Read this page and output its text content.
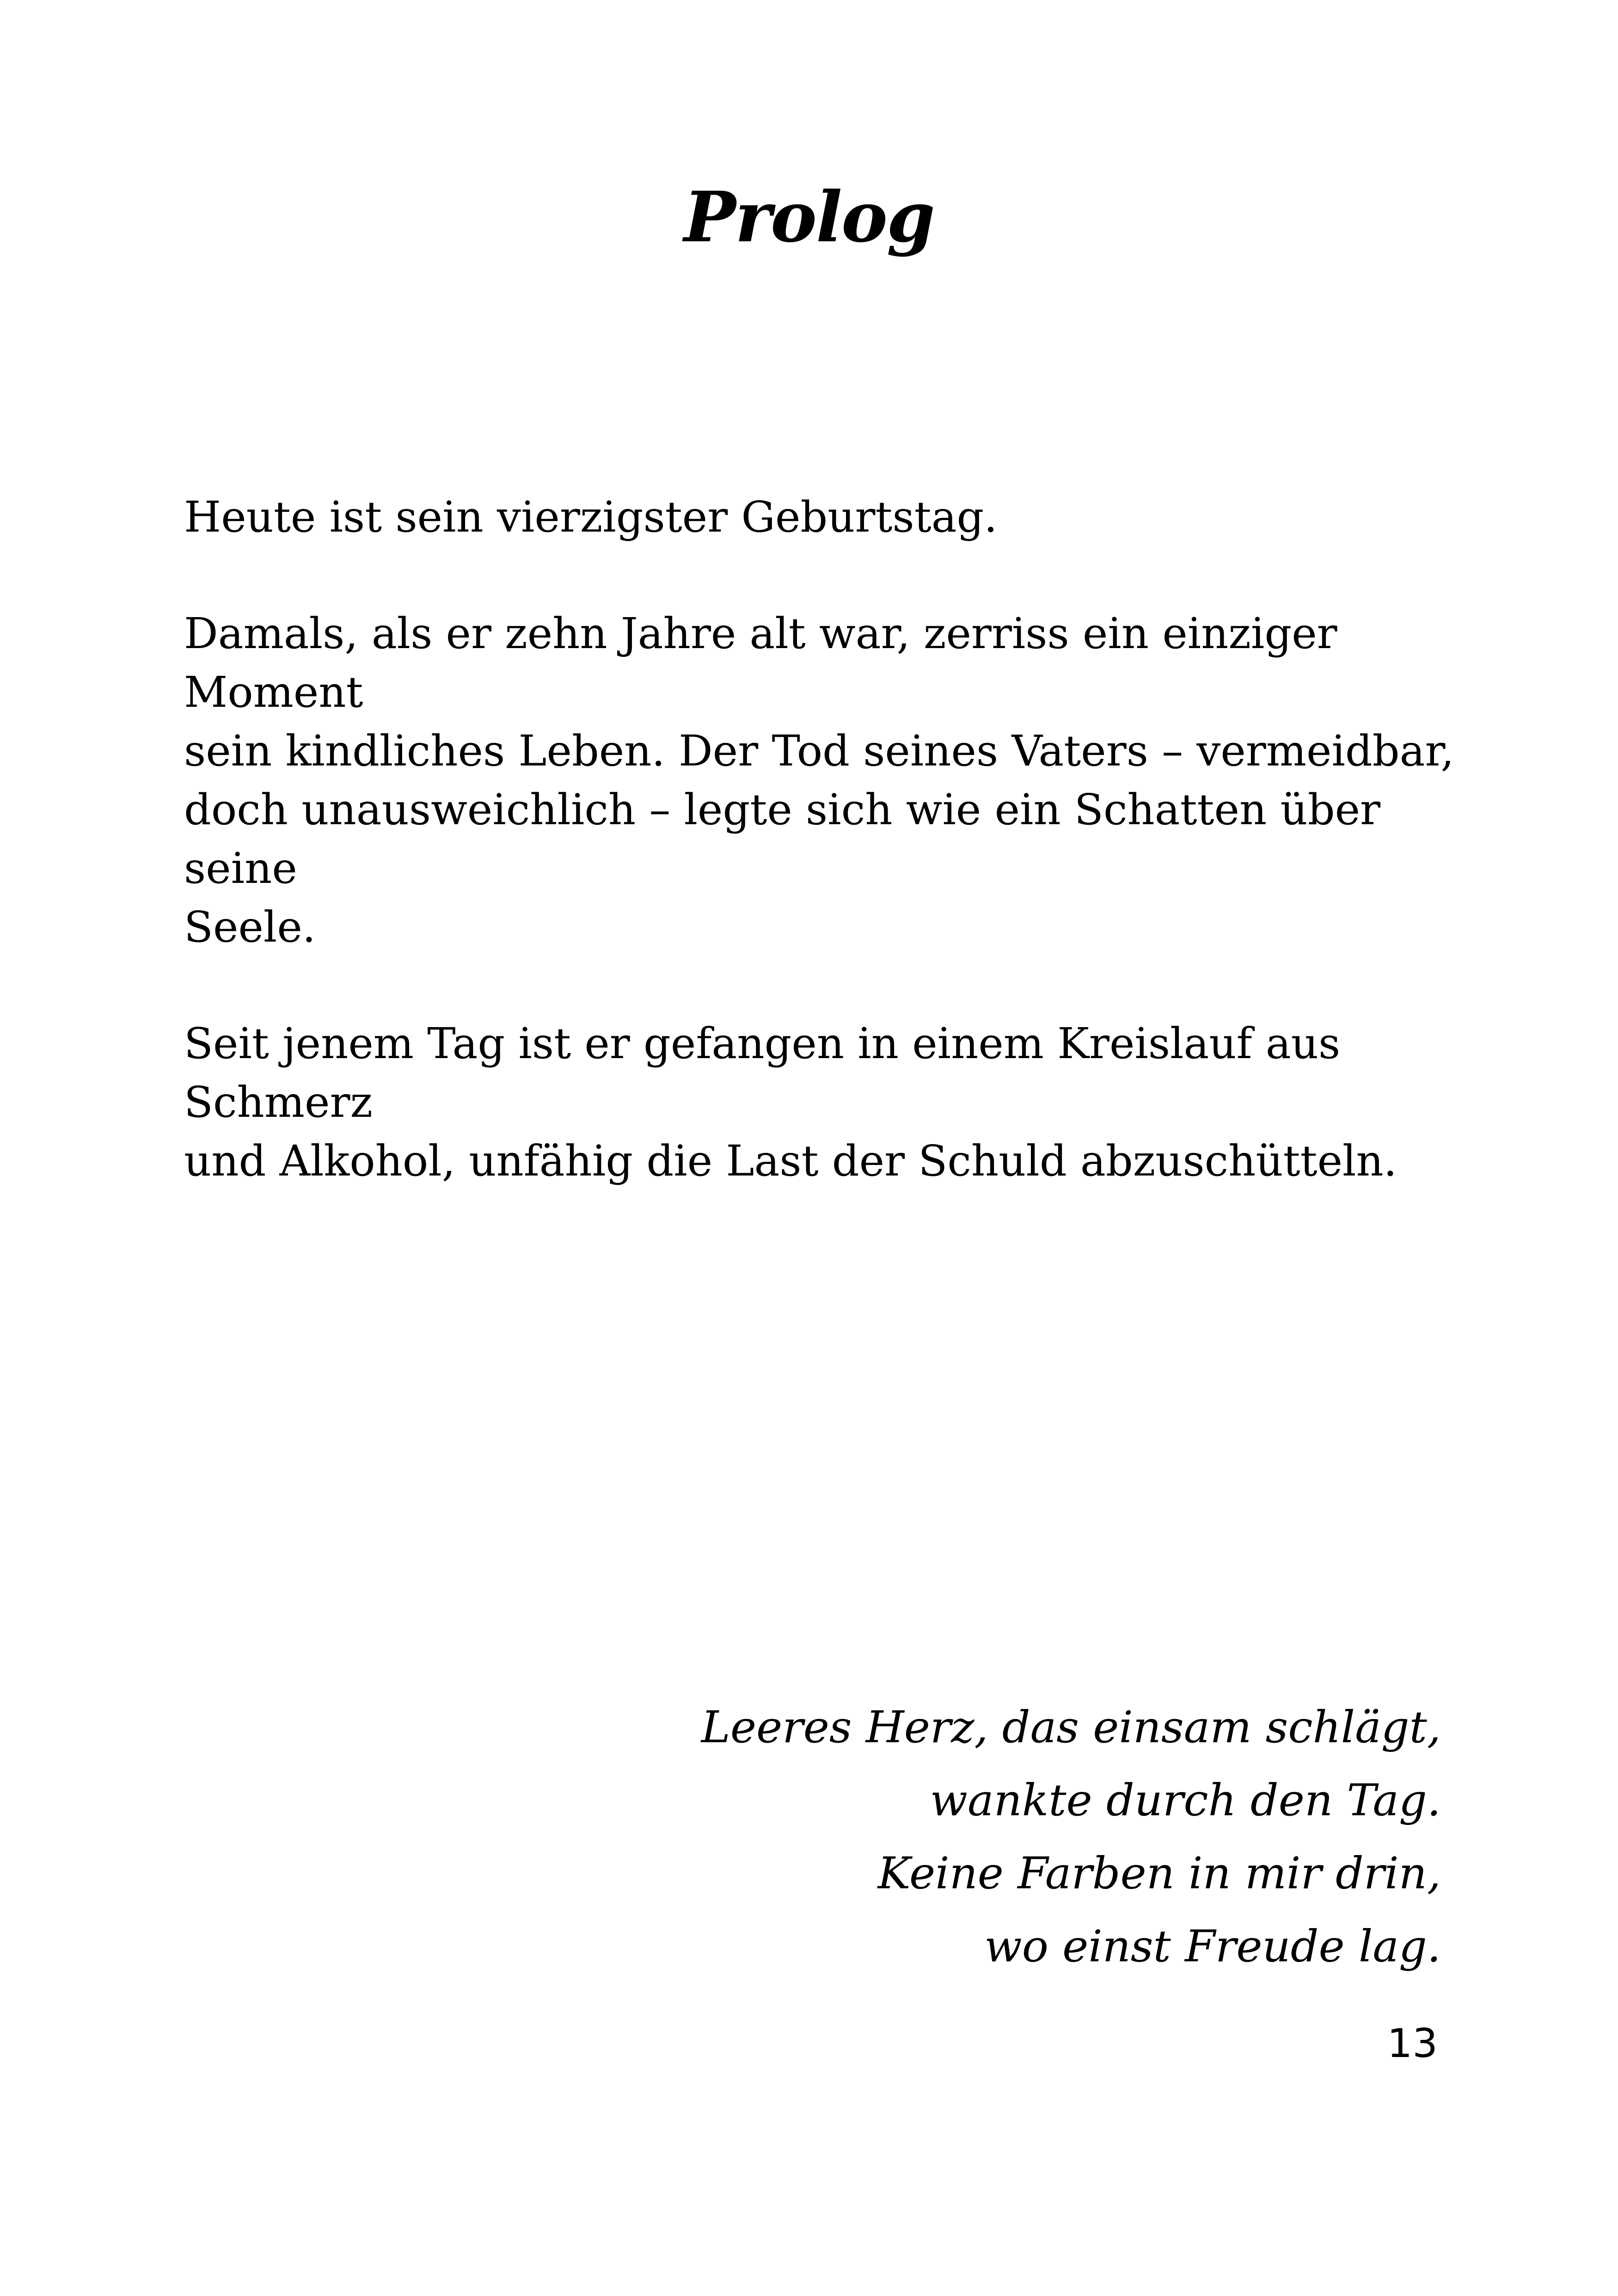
Prolog

Heute ist sein vierzigster Geburtstag.

Damals, als er zehn Jahre alt war, zerriss ein einziger Moment
sein kindliches Leben. Der Tod seines Vaters – vermeidbar,
doch unausweichlich – legte sich wie ein Schatten über seine
Seele.

Seit jenem Tag ist er gefangen in einem Kreislauf aus Schmerz
und Alkohol, unfähig die Last der Schuld abzuschütteln.

Leeres Herz, das einsam schlägt,
wankte durch den Tag.
Keine Farben in mir drin,
wo einst Freude lag.
13
